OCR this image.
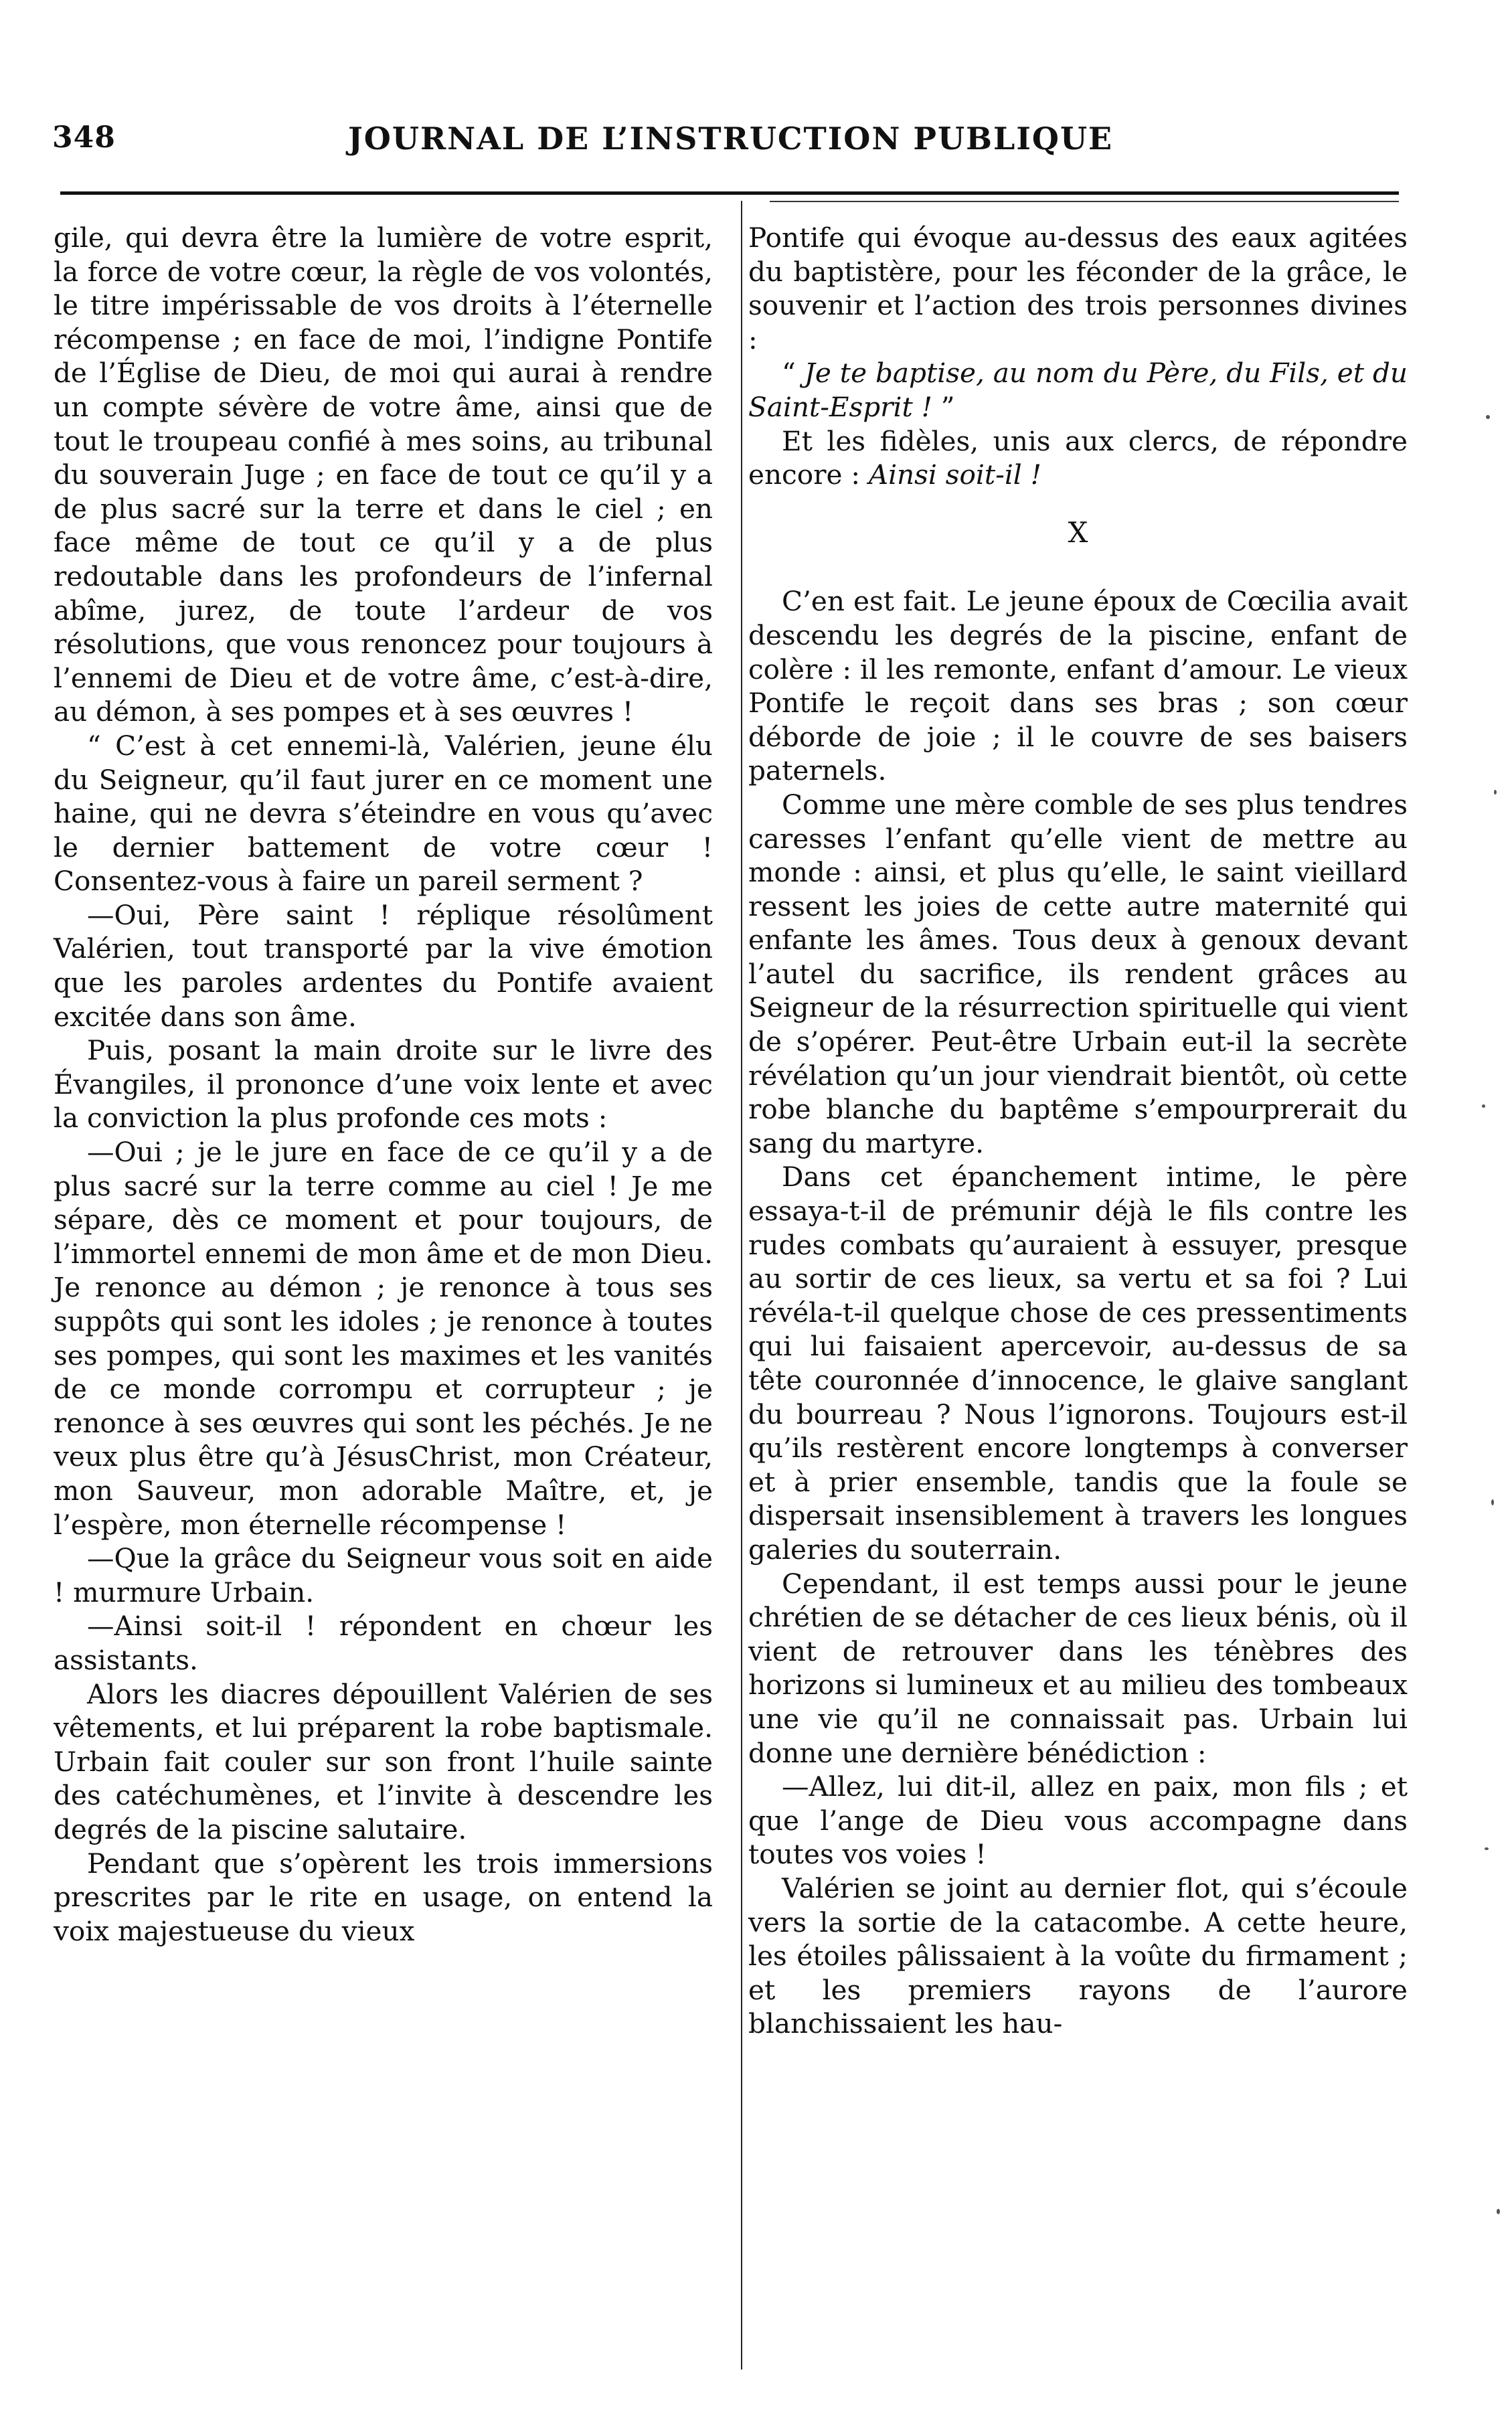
348	JOURNAL DE L’INSTRUCTION PUBLIQUE

gile, qui devra être la lumière de votre esprit, la force de votre cœur, la règle de vos volontés, le titre impérissable de vos droits à l’éternelle récompense ; en face de moi, l’indigne Pontife de l’Église de Dieu, de moi qui aurai à rendre un compte sévère de votre âme, ainsi que de tout le troupeau confié à mes soins, au tribunal du souverain Juge ; en face de tout ce qu’il y a de plus sacré sur la terre et dans le ciel ; en face même de tout ce qu’il y a de plus redoutable dans les profondeurs de l’infernal abîme, jurez, de toute l’ardeur de vos résolutions, que vous renoncez pour toujours à l’ennemi de Dieu et de votre âme, c’est-à-dire, au démon, à ses pompes et à ses œuvres !

“ C’est à cet ennemi-là, Valérien, jeune élu du Seigneur, qu’il faut jurer en ce moment une haine, qui ne devra s’éteindre en vous qu’avec le dernier battement de votre cœur ! Consentez-vous à faire un pareil serment ?

—Oui, Père saint ! réplique résolûment Valérien, tout transporté par la vive émotion que les paroles ardentes du Pontife avaient excitée dans son âme.

Puis, posant la main droite sur le livre des Évangiles, il prononce d’une voix lente et avec la conviction la plus profonde ces mots :

—Oui ; je le jure en face de ce qu’il y a de plus sacré sur la terre comme au ciel ! Je me sépare, dès ce moment et pour toujours, de l’immortel ennemi de mon âme et de mon Dieu. Je renonce au démon ; je renonce à tous ses suppôts qui sont les idoles ; je renonce à toutes ses pompes, qui sont les maximes et les vanités de ce monde corrompu et corrupteur ; je renonce à ses œuvres qui sont les péchés. Je ne veux plus être qu’à JésusChrist, mon Créateur, mon Sauveur, mon adorable Maître, et, je l’espère, mon éternelle récompense !

—Que la grâce du Seigneur vous soit en aide ! murmure Urbain.

—Ainsi soit-il ! répondent en chœur les assistants.

Alors les diacres dépouillent Valérien de ses vêtements, et lui préparent la robe baptismale. Urbain fait couler sur son front l’huile sainte des catéchumènes, et l’invite à descendre les degrés de la piscine salutaire.

Pendant que s’opèrent les trois immersions prescrites par le rite en usage, on entend la voix majestueuse du vieux

Pontife qui évoque au-dessus des eaux agitées du baptistère, pour les féconder de la grâce, le souvenir et l’action des trois personnes divines :

“ Je te baptise, au nom du Père, du Fils, et du Saint-Esprit ! ”

Et les fidèles, unis aux clercs, de répondre encore : Ainsi soit-il !

X

C’en est fait. Le jeune époux de Cœcilia avait descendu les degrés de la piscine, enfant de colère : il les remonte, enfant d’amour. Le vieux Pontife le reçoit dans ses bras ; son cœur déborde de joie ; il le couvre de ses baisers paternels.

Comme une mère comble de ses plus tendres caresses l’enfant qu’elle vient de mettre au monde : ainsi, et plus qu’elle, le saint vieillard ressent les joies de cette autre maternité qui enfante les âmes. Tous deux à genoux devant l’autel du sacrifice, ils rendent grâces au Seigneur de la résurrection spirituelle qui vient de s’opérer. Peut-être Urbain eut-il la secrète révélation qu’un jour viendrait bientôt, où cette robe blanche du baptême s’empourprerait du sang du martyre.

Dans cet épanchement intime, le père essaya-t-il de prémunir déjà le fils contre les rudes combats qu’auraient à essuyer, presque au sortir de ces lieux, sa vertu et sa foi ? Lui révéla-t-il quelque chose de ces pressentiments qui lui faisaient apercevoir, au-dessus de sa tête couronnée d’innocence, le glaive sanglant du bourreau ? Nous l’ignorons. Toujours est-il qu’ils restèrent encore longtemps à converser et à prier ensemble, tandis que la foule se dispersait insensiblement à travers les longues galeries du souterrain.

Cependant, il est temps aussi pour le jeune chrétien de se détacher de ces lieux bénis, où il vient de retrouver dans les ténèbres des horizons si lumineux et au milieu des tombeaux une vie qu’il ne connaissait pas. Urbain lui donne une dernière bénédiction :

—Allez, lui dit-il, allez en paix, mon fils ; et que l’ange de Dieu vous accompagne dans toutes vos voies !

Valérien se joint au dernier flot, qui s’écoule vers la sortie de la catacombe. A cette heure, les étoiles pâlissaient à la voûte du firmament ; et les premiers rayons de l’aurore blanchissaient les hau-
